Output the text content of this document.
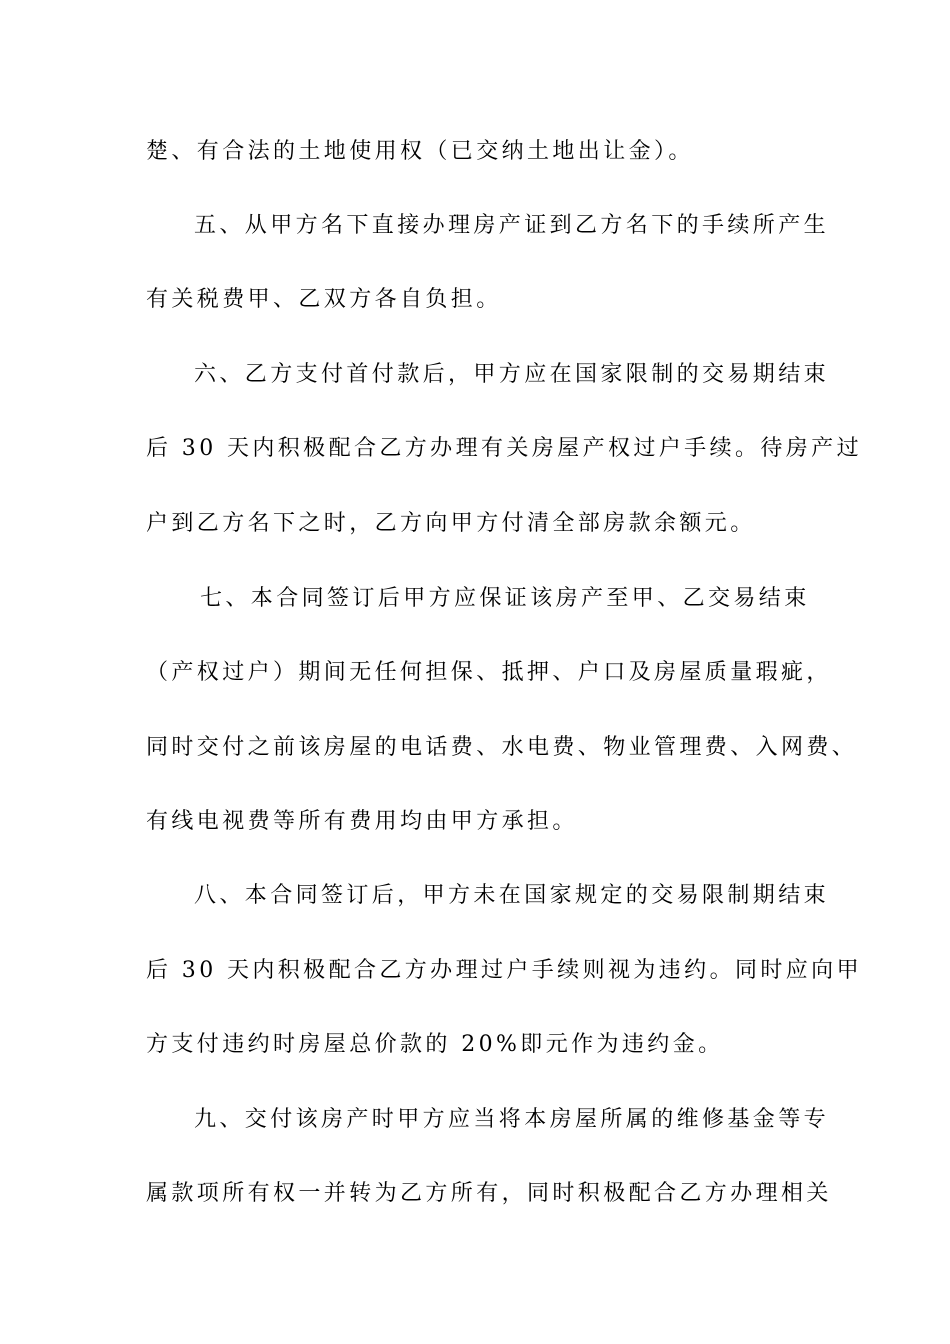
楚、有合法的土地使用权（已交纳土地出让金）。
五、从甲方名下直接办理房产证到乙方名下的手续所产生
有关税费甲、乙双方各自负担。
六、乙方支付首付款后，甲方应在国家限制的交易期结束
后 30 天内积极配合乙方办理有关房屋产权过户手续。待房产过
户到乙方名下之时，乙方向甲方付清全部房款余额元。
七、本合同签订后甲方应保证该房产至甲、乙交易结束
（产权过户）期间无任何担保、抵押、户口及房屋质量瑕疵，
同时交付之前该房屋的电话费、水电费、物业管理费、入网费、
有线电视费等所有费用均由甲方承担。
八、本合同签订后，甲方未在国家规定的交易限制期结束
后 30 天内积极配合乙方办理过户手续则视为违约。同时应向甲
方支付违约时房屋总价款的 20%即元作为违约金。
九、交付该房产时甲方应当将本房屋所属的维修基金等专
属款项所有权一并转为乙方所有，同时积极配合乙方办理相关
